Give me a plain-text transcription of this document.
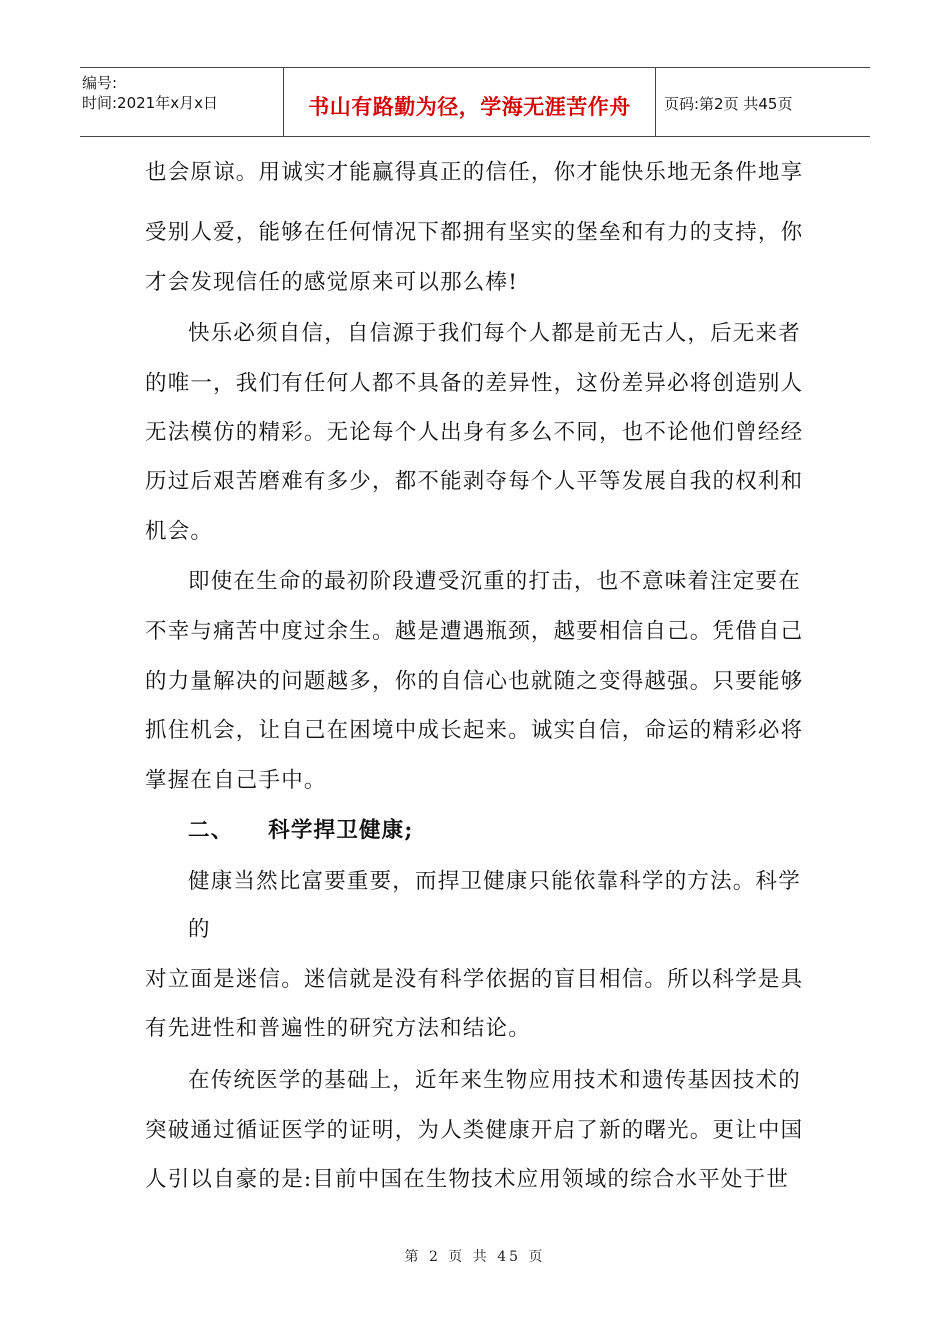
编号:
时间:2021年x月x日	书山有路勤为径，学海无涯苦作舟	页码:第2页 共45页
也会原谅。用诚实才能赢得真正的信任，你才能快乐地无条件地享
受别人爱，能够在任何情况下都拥有坚实的堡垒和有力的支持，你
才会发现信任的感觉原来可以那么棒!
快乐必须自信，自信源于我们每个人都是前无古人，后无来者
的唯一，我们有任何人都不具备的差异性，这份差异必将创造别人
无法模仿的精彩。无论每个人出身有多么不同，也不论他们曾经经
历过后艰苦磨难有多少，都不能剥夺每个人平等发展自我的权利和
机会。
即使在生命的最初阶段遭受沉重的打击，也不意味着注定要在
不幸与痛苦中度过余生。越是遭遇瓶颈，越要相信自己。凭借自己
的力量解决的问题越多，你的自信心也就随之变得越强。只要能够
抓住机会，让自己在困境中成长起来。诚实自信，命运的精彩必将
掌握在自己手中。
二、    科学捍卫健康;
健康当然比富要重要，而捍卫健康只能依靠科学的方法。科学
的
对立面是迷信。迷信就是没有科学依据的盲目相信。所以科学是具
有先进性和普遍性的研究方法和结论。
在传统医学的基础上，近年来生物应用技术和遗传基因技术的
突破通过循证医学的证明，为人类健康开启了新的曙光。更让中国
人引以自豪的是:目前中国在生物技术应用领域的综合水平处于世
第 2 页 共 45 页
